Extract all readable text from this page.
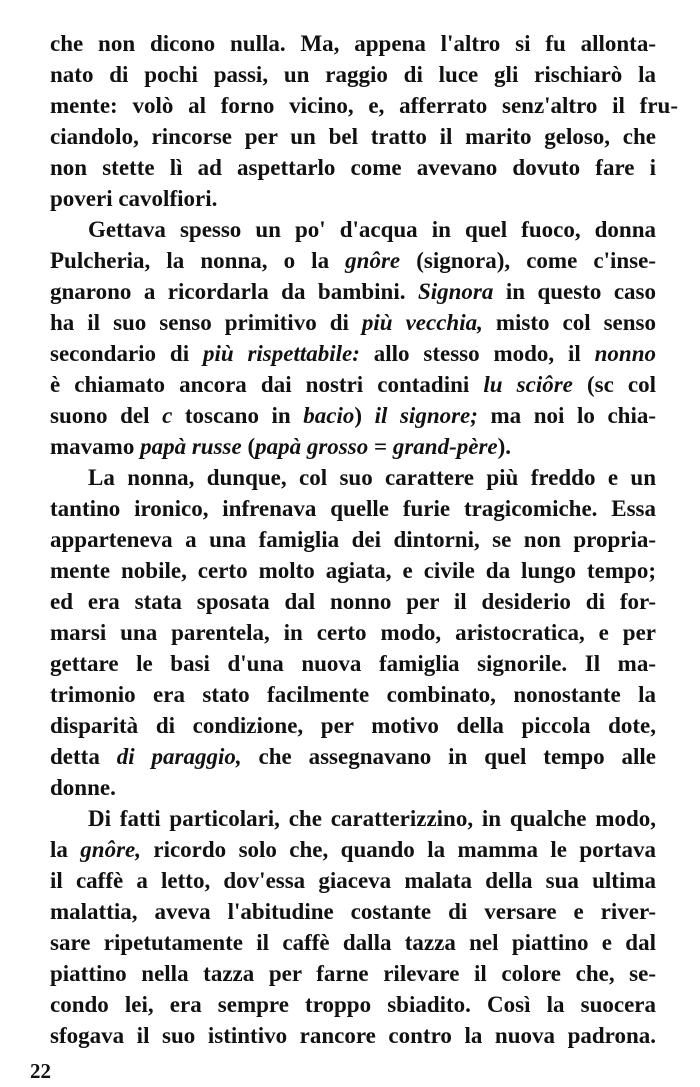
che non dicono nulla. Ma, appena l'altro si fu allonta-
nato di pochi passi, un raggio di luce gli rischiarò la
mente: volò al forno vicino, e, afferrato senz'altro il fru-
ciandolo, rincorse per un bel tratto il marito geloso, che
non stette lì ad aspettarlo come avevano dovuto fare i
poveri cavolfiori.
Gettava spesso un po' d'acqua in quel fuoco, donna
Pulcheria, la nonna, o la gnôre (signora), come c'inse-
gnarono a ricordarla da bambini. Signora in questo caso
ha il suo senso primitivo di più vecchia, misto col senso
secondario di più rispettabile: allo stesso modo, il nonno
è chiamato ancora dai nostri contadini lu sciôre (sc col
suono del c toscano in bacio) il signore; ma noi lo chia-
mavamo papà russe (papà grosso = grand-père).
La nonna, dunque, col suo carattere più freddo e un
tantino ironico, infrenava quelle furie tragicomiche. Essa
apparteneva a una famiglia dei dintorni, se non propria-
mente nobile, certo molto agiata, e civile da lungo tempo;
ed era stata sposata dal nonno per il desiderio di for-
marsi una parentela, in certo modo, aristocratica, e per
gettare le basi d'una nuova famiglia signorile. Il ma-
trimonio era stato facilmente combinato, nonostante la
disparità di condizione, per motivo della piccola dote,
detta di paraggio, che assegnavano in quel tempo alle
donne.
Di fatti particolari, che caratterizzino, in qualche modo,
la gnôre, ricordo solo che, quando la mamma le portava
il caffè a letto, dov'essa giaceva malata della sua ultima
malattia, aveva l'abitudine costante di versare e river-
sare ripetutamente il caffè dalla tazza nel piattino e dal
piattino nella tazza per farne rilevare il colore che, se-
condo lei, era sempre troppo sbiadito. Così la suocera
sfogava il suo istintivo rancore contro la nuova padrona.
22
